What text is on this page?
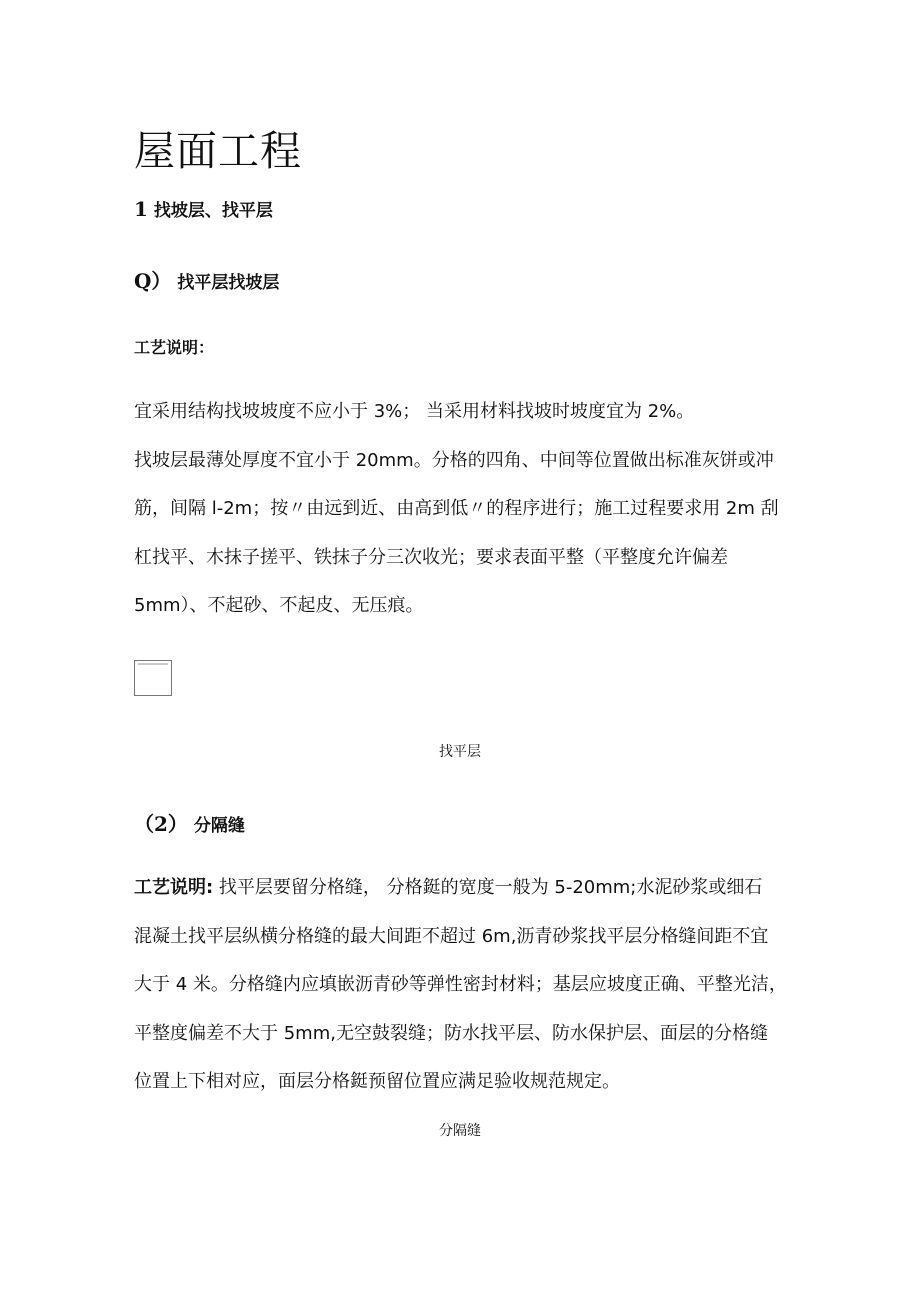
屋面工程
1 找坡层、找平层
Q） 找平层找坡层
工艺说明：
宜采用结构找坡坡度不应小于 3%； 当采用材料找坡时坡度宜为 2%。
找坡层最薄处厚度不宜小于 20mm。分格的四角、中间等位置做出标准灰饼或冲
筋，间隔 l-2m；按〃由远到近、由高到低〃的程序进行；施工过程要求用 2m 刮
杠找平、木抹子搓平、铁抹子分三次收光；要求表面平整（平整度允许偏差
5mm）、不起砂、不起皮、无压痕。
找平层
（2） 分隔缝
工艺说明: 找平层要留分格缝， 分格鋌的宽度一般为 5-20mm;水泥砂浆或细石
混凝土找平层纵横分格缝的最大间距不超过 6m,沥青砂浆找平层分格缝间距不宜
大于 4 米。分格缝内应填嵌沥青砂等弹性密封材料；基层应坡度正确、平整光洁，
平整度偏差不大于 5mm,无空鼓裂缝；防水找平层、防水保护层、面层的分格缝
位置上下相对应，面层分格鋌预留位置应满足验收规范规定。
分隔缝
